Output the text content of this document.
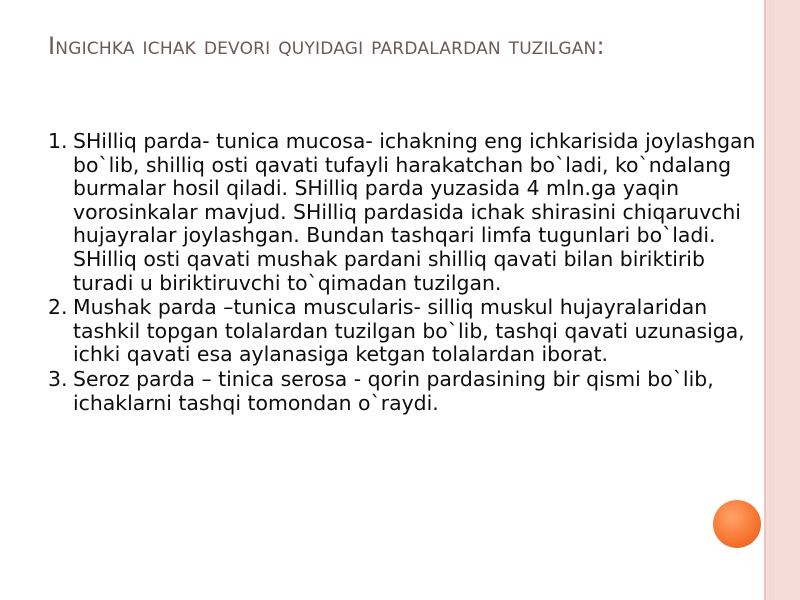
Ingichka ichak devori quyidagi pardalardan tuzilgan:
1. SHilliq parda- tunica mucosa- ichakning eng ichkarisida joylashgan bo`lib, shilliq osti qavati tufayli harakatchan bo`ladi, ko`ndalang burmalar hosil qiladi. SHilliq parda yuzasida 4 mln.ga yaqin vorosinkalar mavjud. SHilliq pardasida ichak shirasini chiqaruvchi hujayralar joylashgan. Bundan tashqari limfa tugunlari bo`ladi. SHilliq osti qavati mushak pardani shilliq qavati bilan biriktirib turadi u biriktiruvchi to`qimadan tuzilgan.
2. Mushak parda –tunica muscularis- silliq muskul hujayralaridan tashkil topgan tolalardan tuzilgan bo`lib, tashqi qavati uzunasiga, ichki qavati esa aylanasiga ketgan tolalardan iborat.
3. Seroz parda – tinica serosa - qorin pardasining bir qismi bo`lib, ichaklarni tashqi tomondan o`raydi.
